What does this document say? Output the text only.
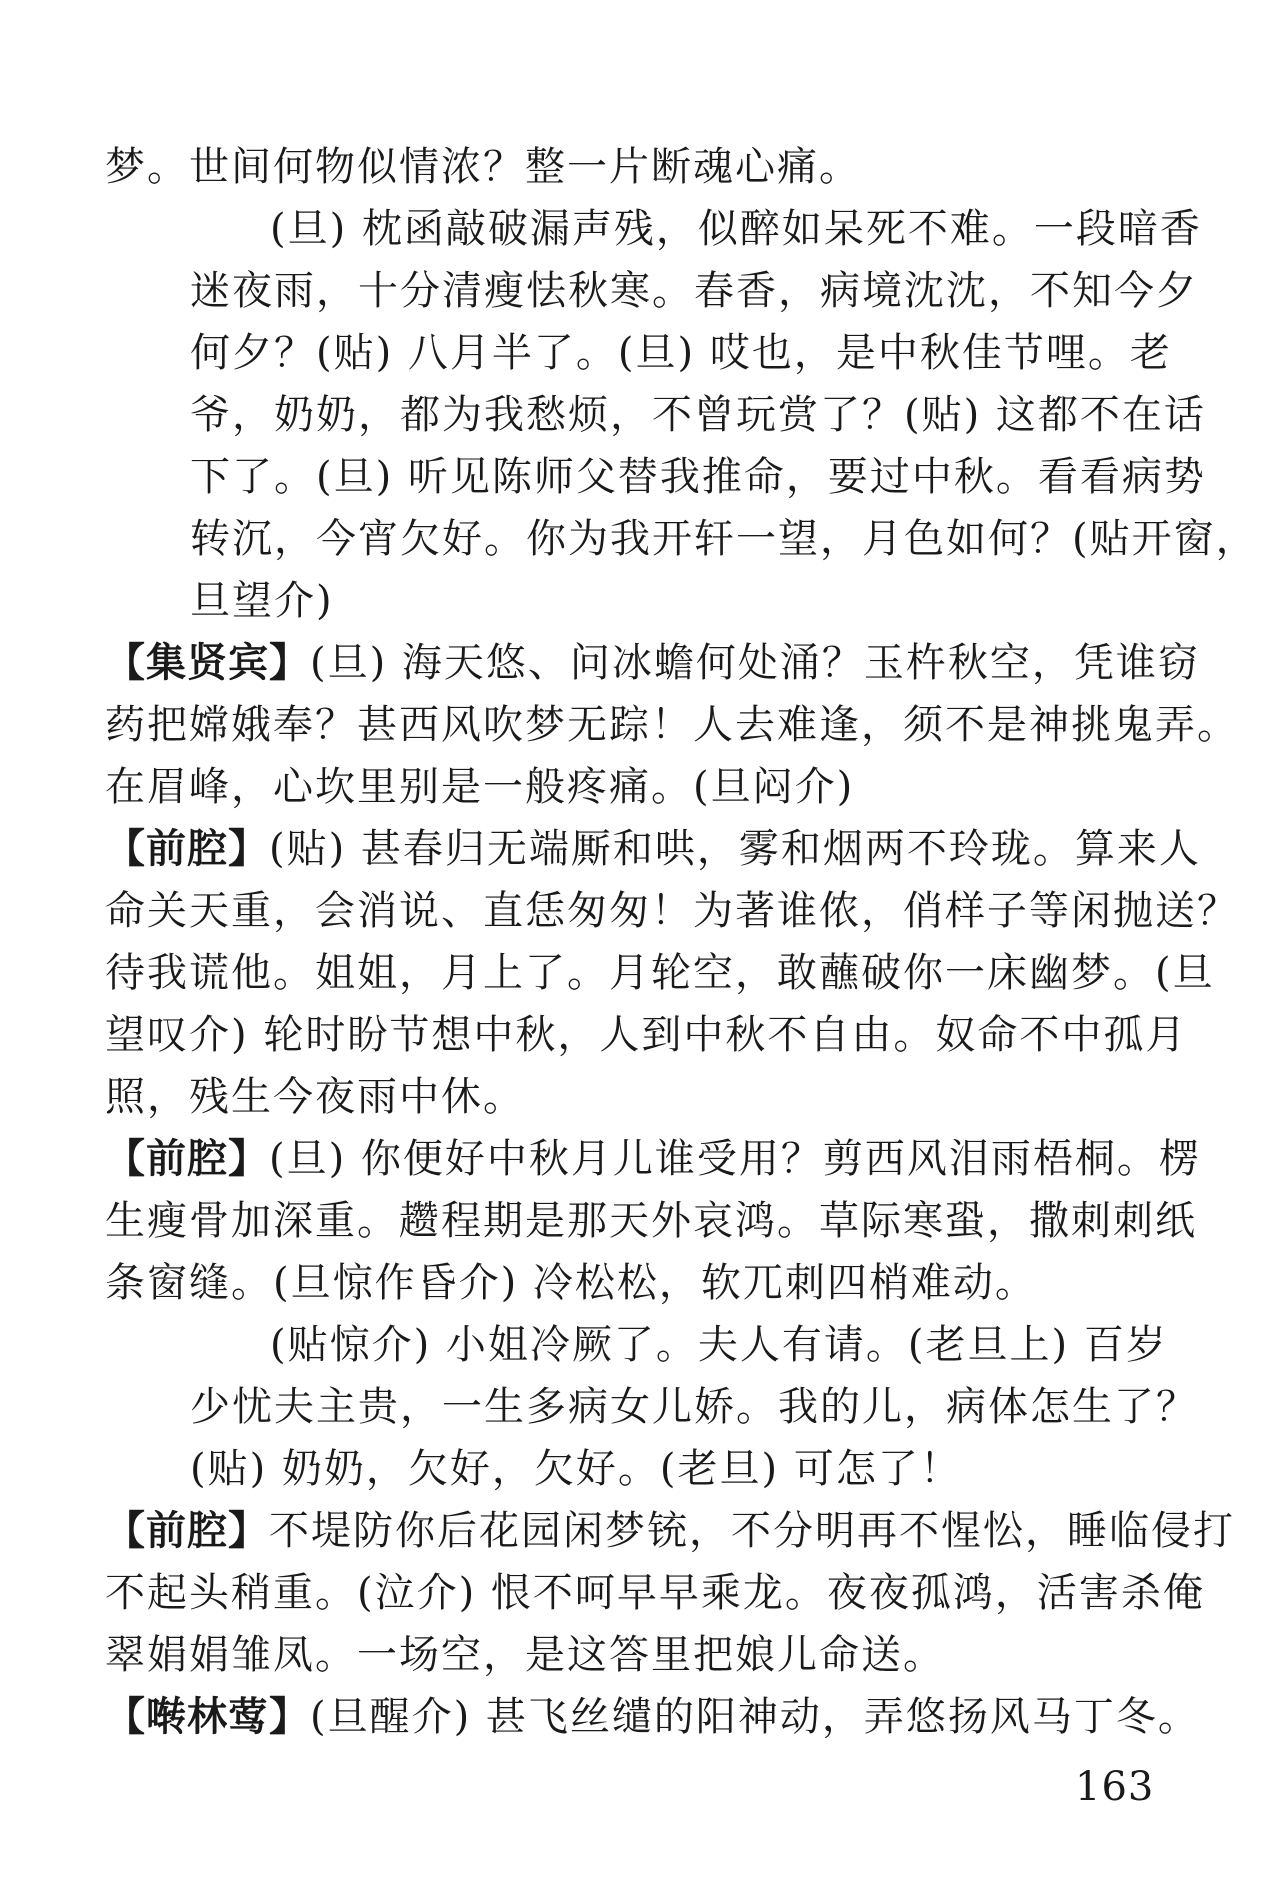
梦。世间何物似情浓？整一片断魂心痛。
(旦) 枕函敲破漏声残，似醉如呆死不难。一段暗香
迷夜雨，十分清瘦怯秋寒。春香，病境沈沈，不知今夕
何夕？(贴) 八月半了。(旦) 哎也，是中秋佳节哩。老
爷，奶奶，都为我愁烦，不曾玩赏了？(贴) 这都不在话
下了。(旦) 听见陈师父替我推命，要过中秋。看看病势
转沉，今宵欠好。你为我开轩一望，月色如何？(贴开窗，
旦望介)
【集贤宾】(旦) 海天悠、问冰蟾何处涌？玉杵秋空，凭谁窃
药把嫦娥奉？甚西风吹梦无踪！人去难逢，须不是神挑鬼弄。
在眉峰，心坎里别是一般疼痛。(旦闷介)
【前腔】(贴) 甚春归无端厮和哄，雾和烟两不玲珑。算来人
命关天重，会消说、直恁匆匆！为著谁侬，俏样子等闲抛送？
待我谎他。姐姐，月上了。月轮空，敢蘸破你一床幽梦。(旦
望叹介) 轮时盼节想中秋，人到中秋不自由。奴命不中孤月
照，残生今夜雨中休。
【前腔】(旦) 你便好中秋月儿谁受用？剪西风泪雨梧桐。楞
生瘦骨加深重。趱程期是那天外哀鸿。草际寒蛩，撒刺刺纸
条窗缝。(旦惊作昏介) 冷松松，软兀刺四梢难动。
(贴惊介) 小姐冷厥了。夫人有请。(老旦上) 百岁
少忧夫主贵，一生多病女儿娇。我的儿，病体怎生了？
(贴) 奶奶，欠好，欠好。(老旦) 可怎了！
【前腔】不堤防你后花园闲梦铳，不分明再不惺忪，睡临侵打
不起头稍重。(泣介) 恨不呵早早乘龙。夜夜孤鸿，活害杀俺
翠娟娟雏凤。一场空，是这答里把娘儿命送。
【啭林莺】(旦醒介) 甚飞丝缱的阳神动，弄悠扬风马丁冬。
163
